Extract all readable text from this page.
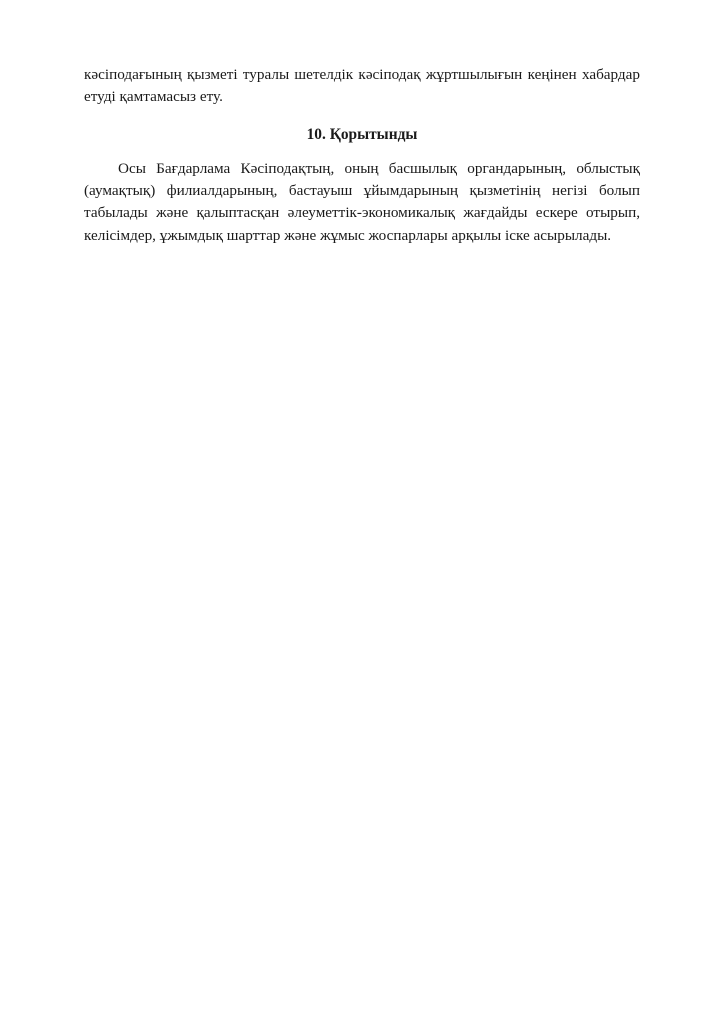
кәсіподағының қызметі туралы шетелдік кәсіподақ жұртшылығын кеңінен хабардар етуді қамтамасыз ету.

10. Қорытынды

Осы Бағдарлама Кәсіподақтың, оның басшылық органдарының, облыстық (аумақтық) филиалдарының, бастауыш ұйымдарының қызметінің негізі болып табылады және қалыптасқан әлеуметтік-экономикалық жағдайды ескере отырып, келісімдер, ұжымдық шарттар және жұмыс жоспарлары арқылы іске асырылады.
